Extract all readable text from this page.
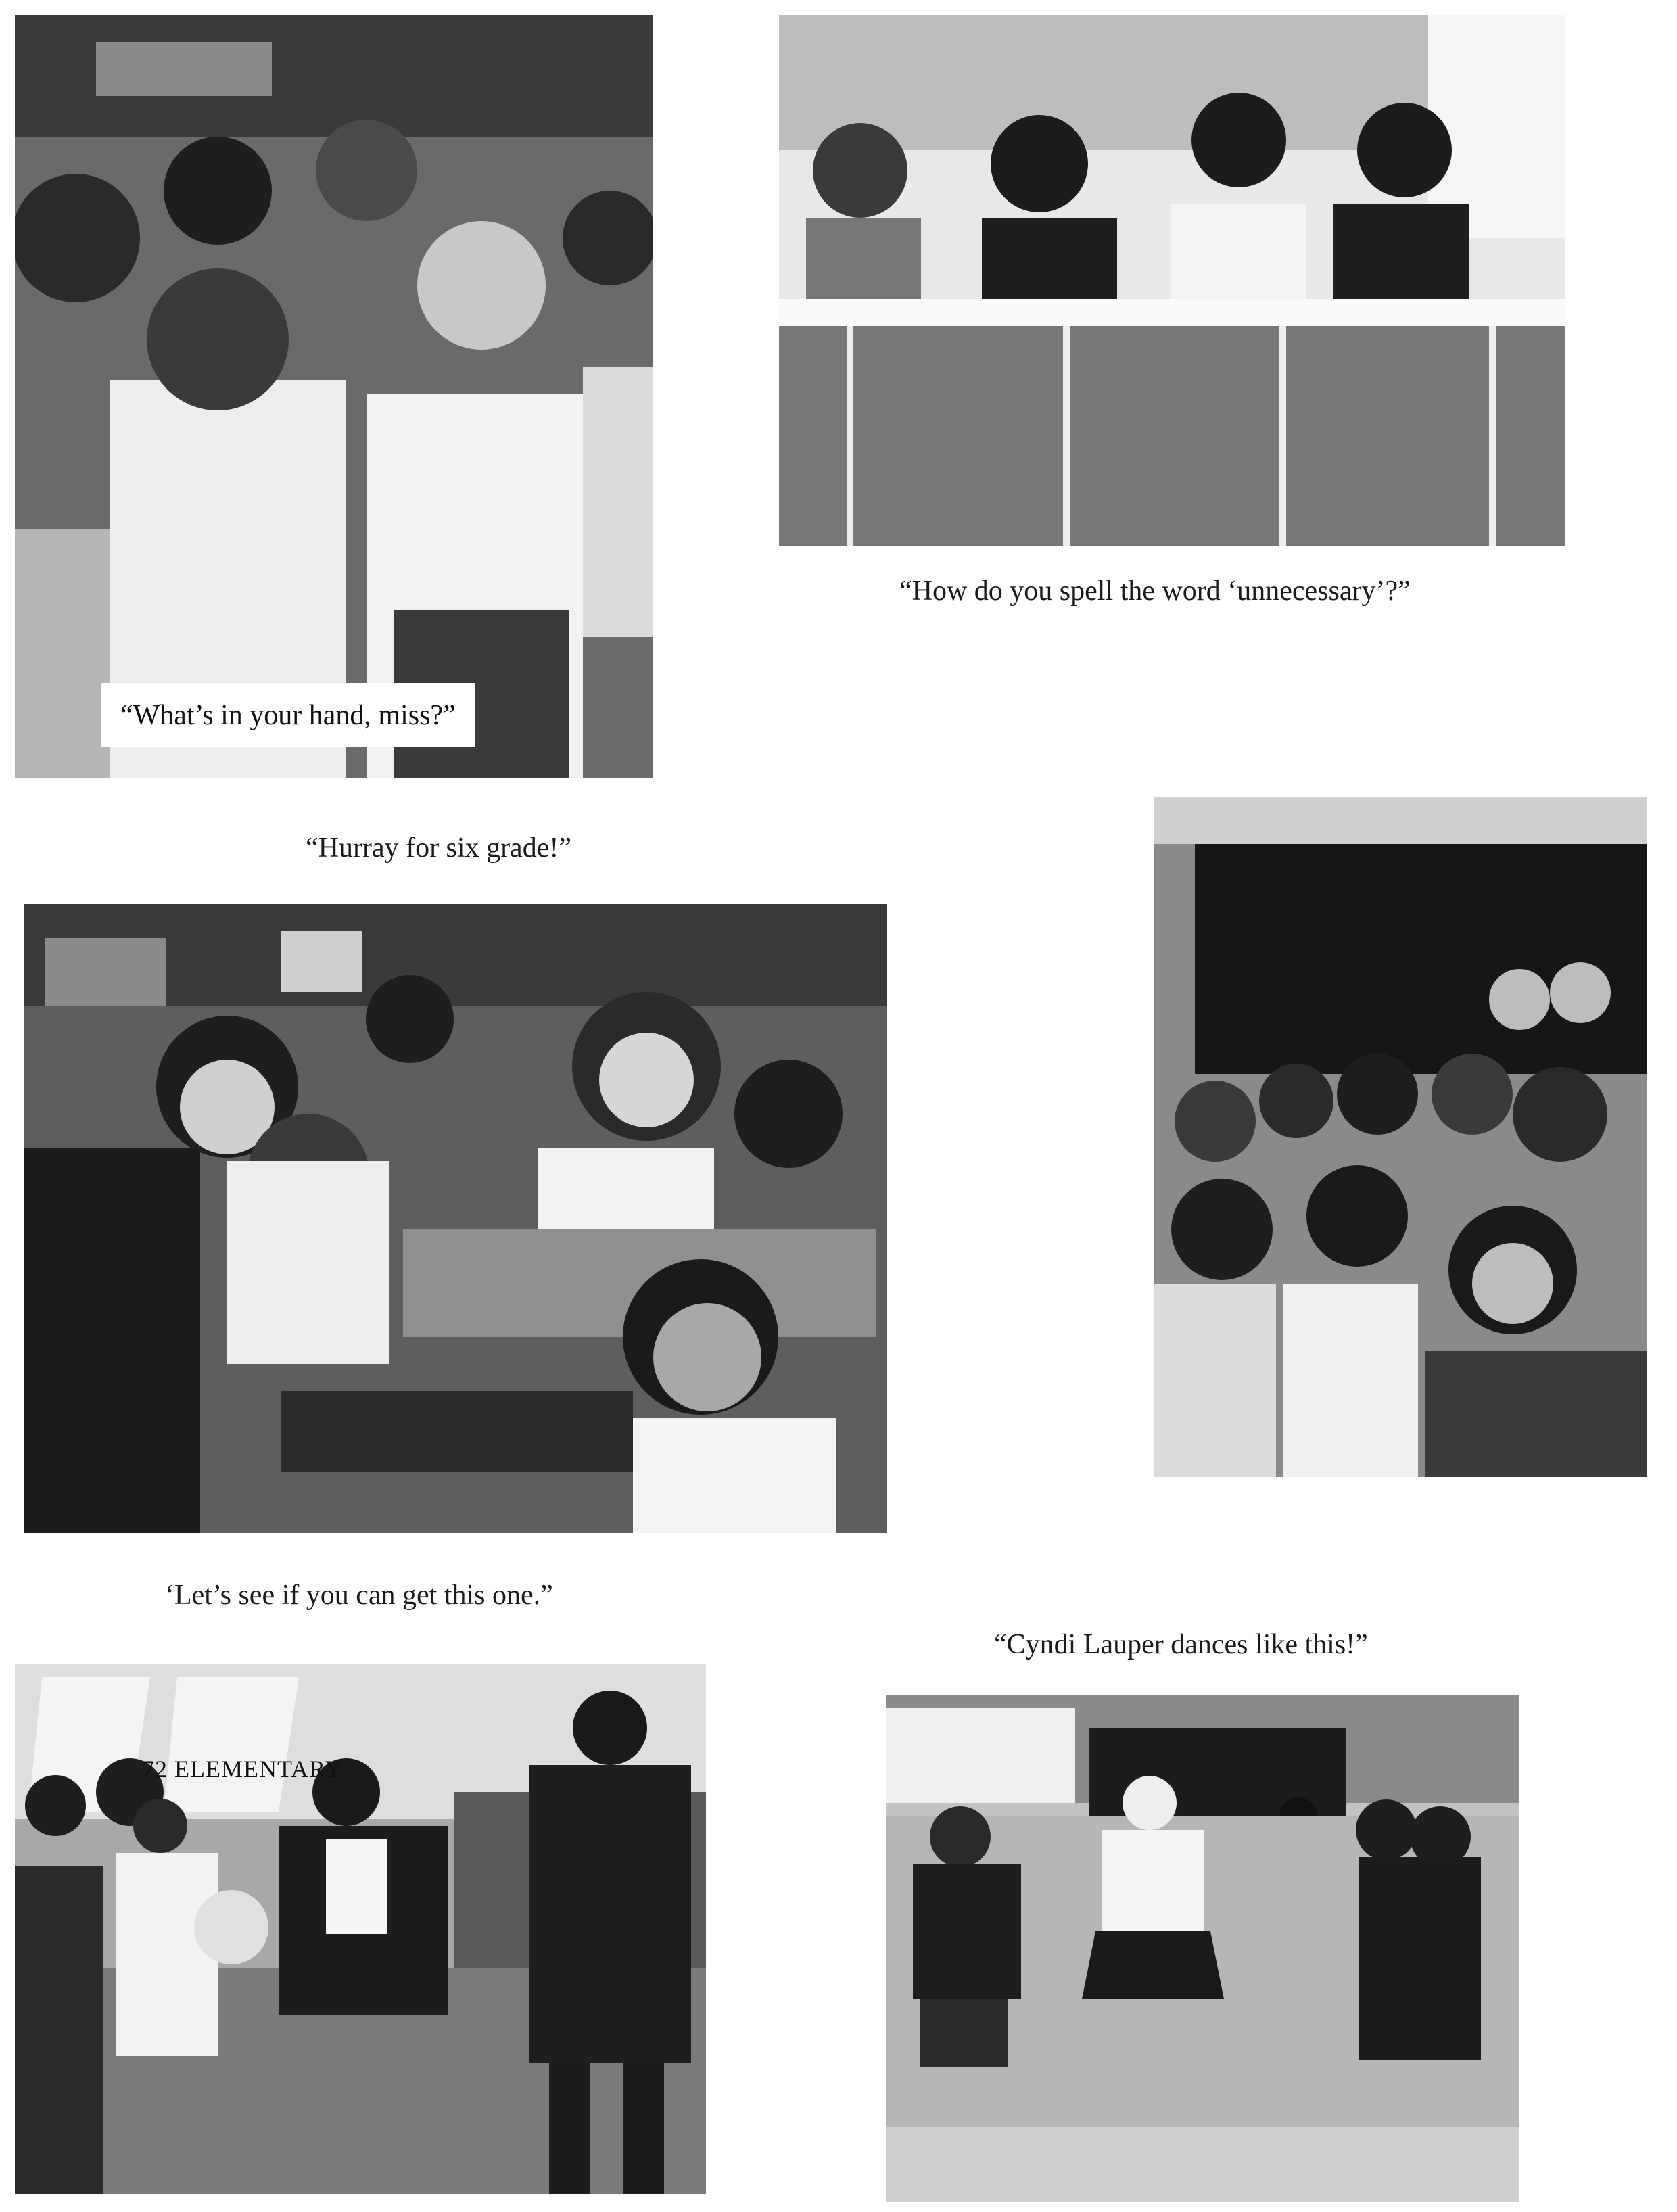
“What’s in your hand, miss?”
“How do you spell the word ‘unnecessary’?”
“Hurray for six grade!”
‘Let’s see if you can get this one.”
“Cyndi Lauper dances like this!”
72 ELEMENTARY
